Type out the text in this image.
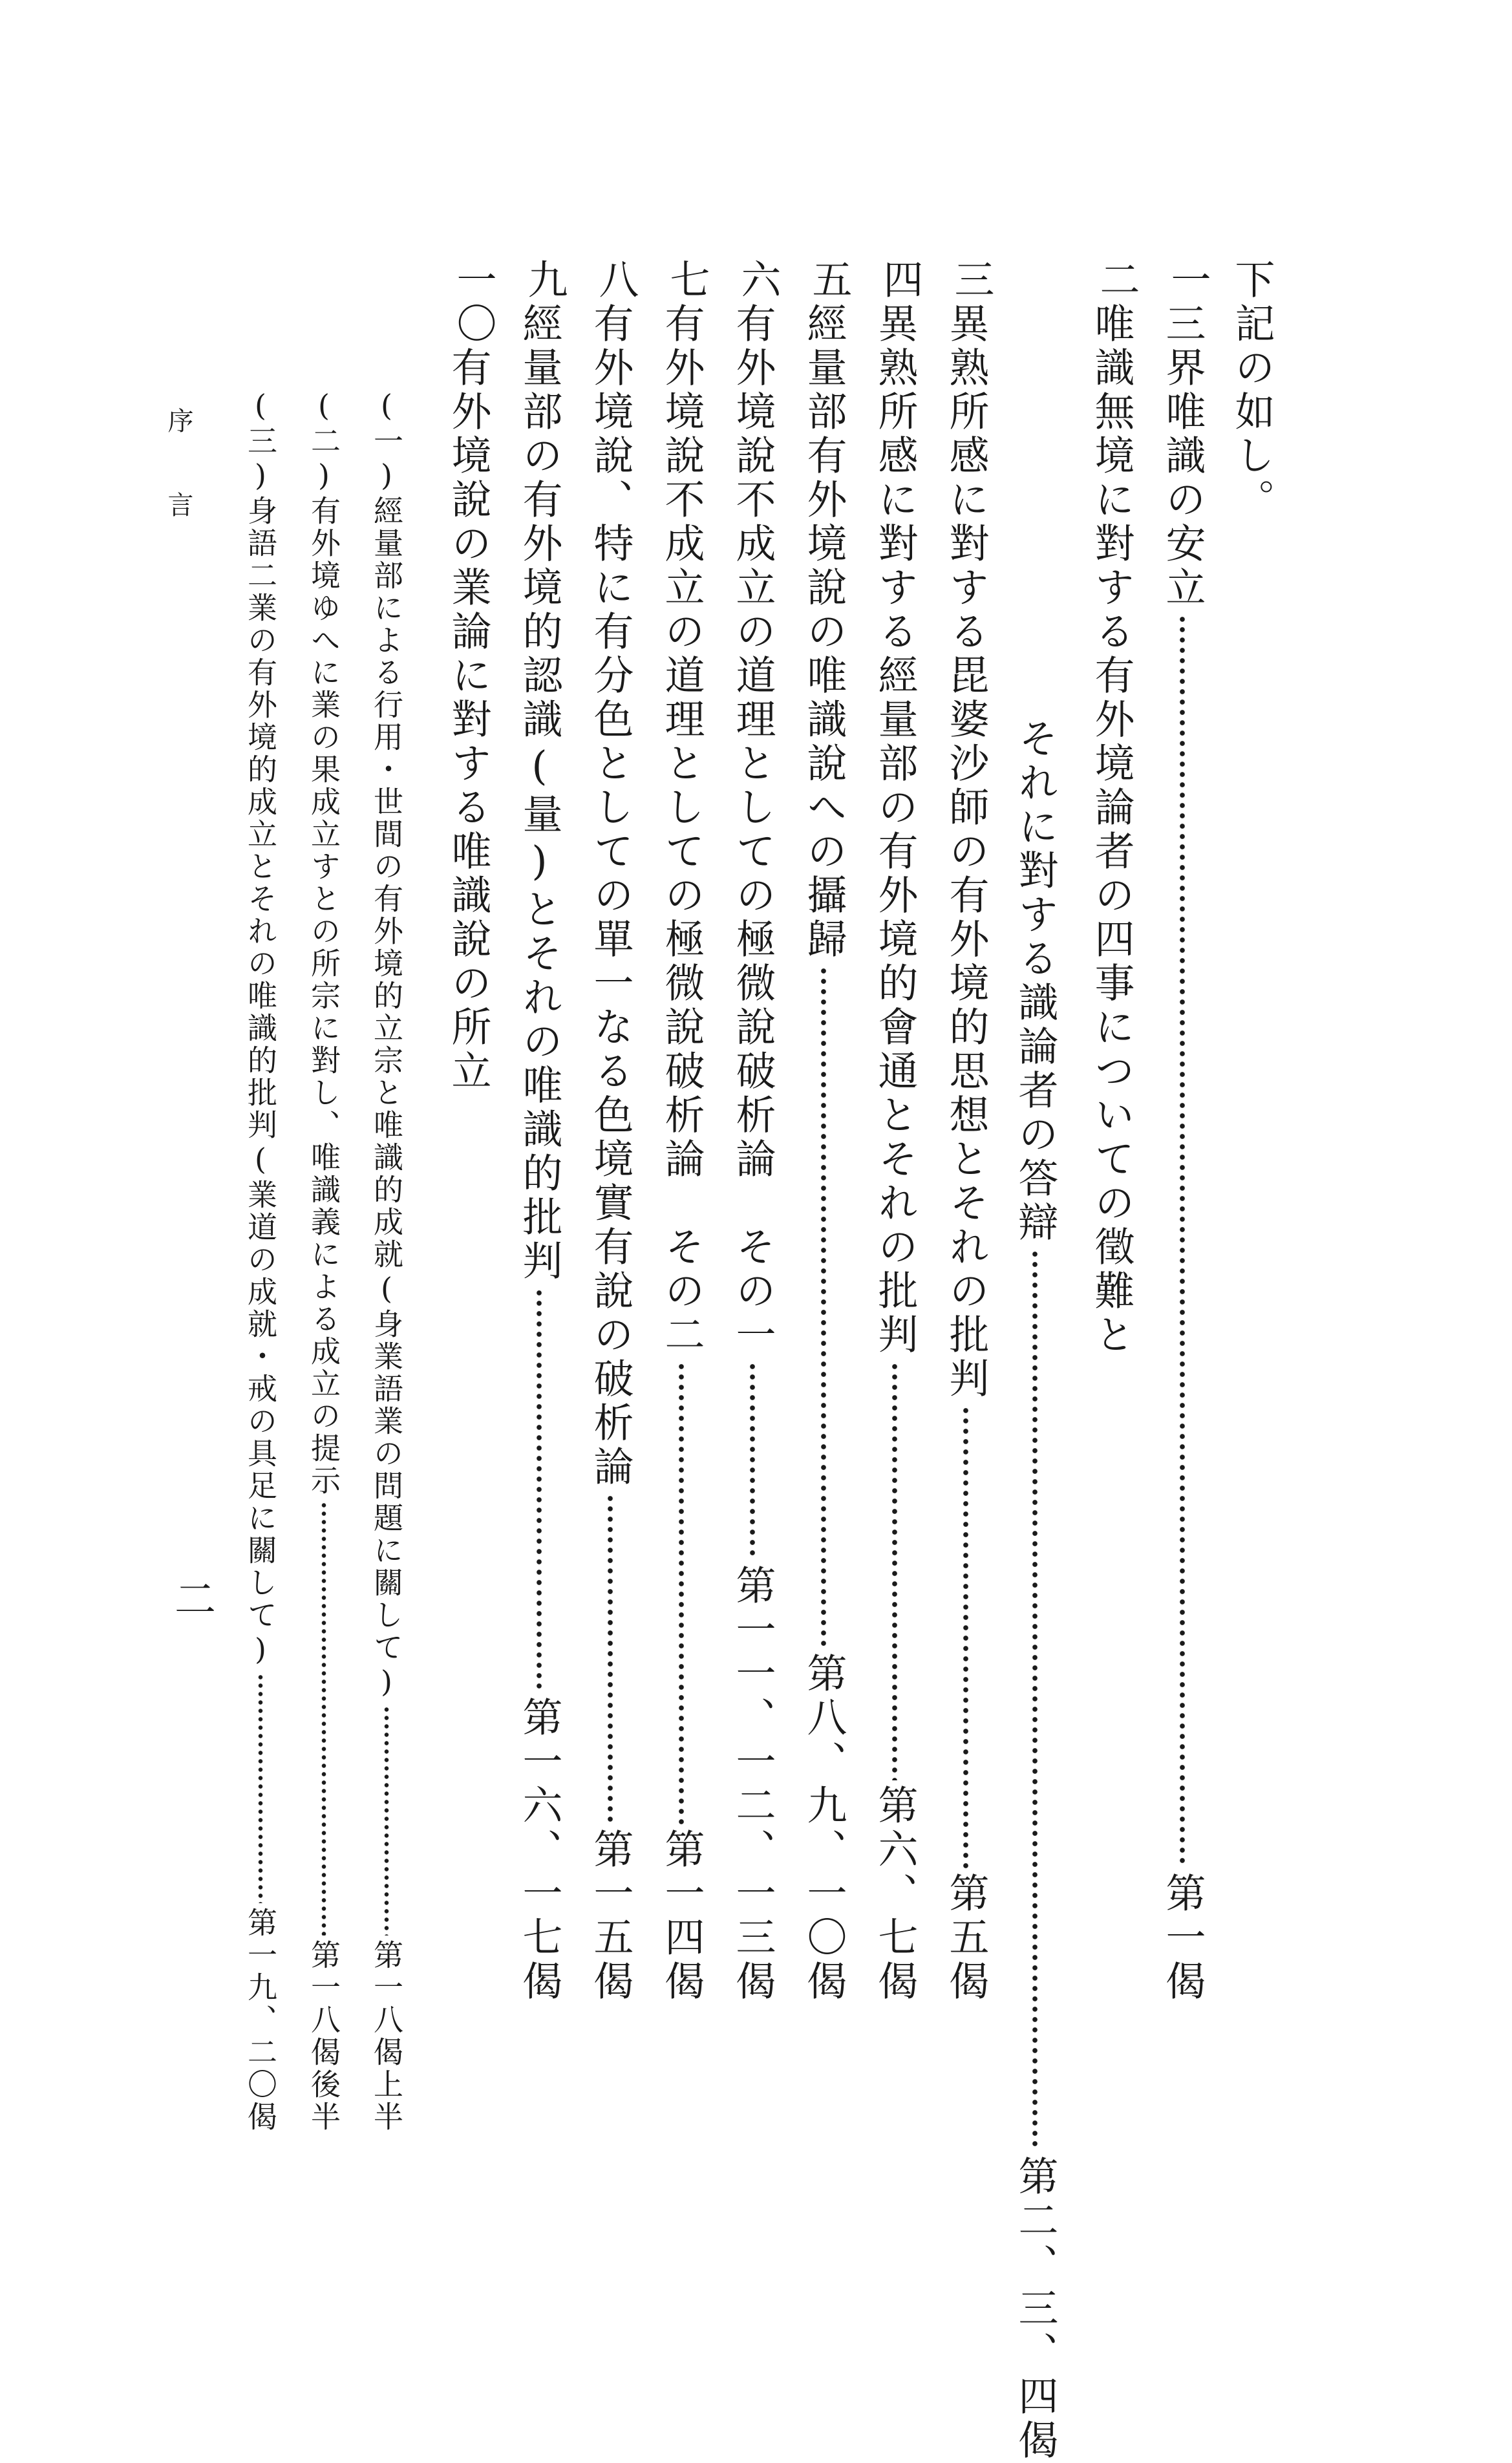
下記の如し。
一
三界唯識の安立
第一偈
二
唯識無境に對する有外境論者の四事についての徵難と
それに對する識論者の答辯
第二、三、四偈
三
異熟所感に對する毘婆沙師の有外境的思想とそれの批判
第五偈
四
異熟所感に對する經量部の有外境的會通とそれの批判
第六、七偈
五
經量部有外境說の唯識說への攝歸
第八、九、一〇偈
六
有外境說不成立の道理としての極微說破析論　その一
第一一、一二、一三偈
七
有外境說不成立の道理としての極微說破析論　その二
第一四偈
八
有外境說、特に有分色としての單一なる色境實有說の破析論
第一五偈
九
經量部の有外境的認識(量)とそれの唯識的批判
第一六、一七偈
一〇
有外境說の業論に對する唯識說の所立
(一)經量部による行用・世間の有外境的立宗と唯識的成就(身業語業の問題に關して)
第一八偈上半
(二)有外境ゆへに業の果成立すとの所宗に對し、唯識義による成立の提示
第一八偈後半
(三)身語二業の有外境的成立とそれの唯識的批判(業道の成就・戒の具足に關して)
第一九、二〇偈
序言
二
